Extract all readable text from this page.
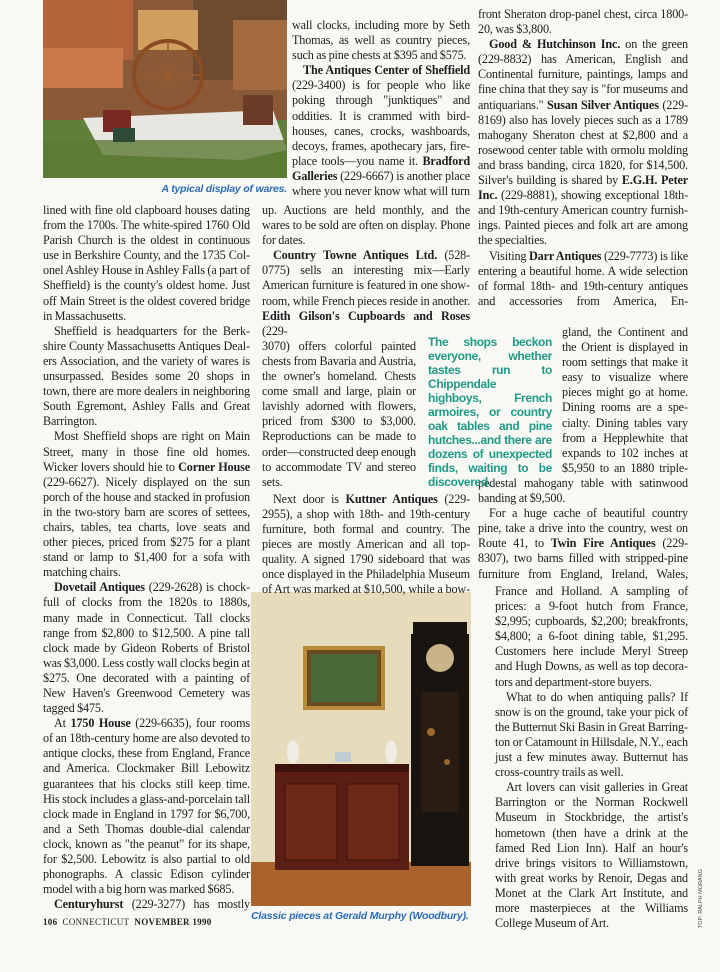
A typical display of wares.
Classic pieces at Gerald Murphy (Woodbury).

lined with fine old clapboard houses dating from the 1700s. The white-spired 1760 Old Parish Church is the oldest in continuous use in Berkshire County, and the 1735 Colonel Ashley House in Ashley Falls (a part of Sheffield) is the county's oldest home. Just off Main Street is the oldest covered bridge in Massachusetts.

Sheffield is headquarters for the Berkshire County Massachusetts Antiques Dealers Association, and the variety of wares is unsurpassed. Besides some 20 shops in town, there are more dealers in neighboring South Egremont, Ashley Falls and Great Barrington.

Most Sheffield shops are right on Main Street, many in those fine old homes. Wicker lovers should hie to Corner House (229-6627). Nicely displayed on the sun porch of the house and stacked in profusion in the two-story barn are scores of settees, chairs, tables, tea charts, love seats and other pieces, priced from $275 for a plant stand or lamp to $1,400 for a sofa with matching chairs.

Dovetail Antiques (229-2628) is chock-full of clocks from the 1820s to 1880s, many made in Connecticut. Tall clocks range from $2,800 to $12,500. A pine tall clock made by Gideon Roberts of Bristol was $3,000. Less costly wall clocks begin at $275. One decorated with a painting of New Haven's Greenwood Cemetery was tagged $475.

At 1750 House (229-6635), four rooms of an 18th-century home are also devoted to antique clocks, these from England, France and America. Clockmaker Bill Lebowitz guarantees that his clocks still keep time. His stock includes a glass-and-porcelain tall clock made in England in 1797 for $6,700, and a Seth Thomas double-dial calendar clock, known as "the peanut" for its shape, for $2,500. Lebowitz is also partial to old phonographs. A classic Edison cylinder model with a big horn was marked $685.

Centuryhurst (229-3277) has mostly

106 CONNECTICUT NOVEMBER 1990

wall clocks, including more by Seth Thomas, as well as country pieces, such as pine chests at $395 and $575.

The Antiques Center of Sheffield (229-3400) is for people who like poking through "junktiques" and oddities. It is crammed with birdhouses, canes, crocks, washboards, decoys, frames, apothecary jars, fireplace tools—you name it. Bradford Galleries (229-6667) is another place where you never know what will turn

up. Auctions are held monthly, and the wares to be sold are often on display. Phone for dates.

Country Towne Antiques Ltd. (528-0775) sells an interesting mix—Early American furniture is featured in one showroom, while French pieces reside in another. Edith Gilson's Cupboards and Roses (229-

3070) offers colorful painted chests from Bavaria and Austria, the owner's homeland. Chests come small and large, plain or lavishly adorned with flowers, priced from $300 to $3,000. Reproductions can be made to order—constructed deep enough to accommodate TV and stereo sets.

Next door is Kuttner Antiques (229-2955), a shop with 18th- and 19th-century furniture, both formal and country. The pieces are mostly American and all top-quality. A signed 1790 sideboard that was once displayed in the Philadelphia Museum of Art was marked at $10,500, while a bow-

front Sheraton drop-panel chest, circa 1800-20, was $3,800.

Good & Hutchinson Inc. on the green (229-8832) has American, English and Continental furniture, paintings, lamps and fine china that they say is "for museums and antiquarians." Susan Silver Antiques (229-8169) also has lovely pieces such as a 1789 mahogany Sheraton chest at $2,800 and a rosewood center table with ormolu molding and brass banding, circa 1820, for $14,500. Silver's building is shared by E.G.H. Peter Inc. (229-8881), showing exceptional 18th- and 19th-century American country furnishings. Painted pieces and folk art are among the specialties.

Visiting Darr Antiques (229-7773) is like entering a beautiful home. A wide selection of formal 18th- and 19th-century antiques and accessories from America, En-

gland, the Continent and the Orient is displayed in room settings that make it easy to visualize where pieces might go at home. Dining rooms are a specialty. Dining tables vary from a Hepplewhite that expands to 102 inches at $5,950 to an 1880 triple-

pedestal mahogany table with satinwood banding at $9,500.

For a huge cache of beautiful country pine, take a drive into the country, west on Route 41, to Twin Fire Antiques (229-8307), two barns filled with stripped-pine furniture from England, Ireland, Wales,

France and Holland. A sampling of prices: a 9-foot hutch from France, $2,995; cupboards, $2,200; breakfronts, $4,800; a 6-foot dining table, $1,295. Customers here include Meryl Streep and Hugh Downs, as well as top decorators and department-store buyers.

What to do when antiquing palls? If snow is on the ground, take your pick of the Butternut Ski Basin in Great Barrington or Catamount in Hillsdale, N.Y., each just a few minutes away. Butternut has cross-country trails as well.

Art lovers can visit galleries in Great Barrington or the Norman Rockwell Museum in Stockbridge, the artist's hometown (then have a drink at the famed Red Lion Inn). Half an hour's drive brings visitors to Williamstown, with great works by Renoir, Degas and Monet at the Clark Art Institute, and more masterpieces at the Williams College Museum of Art.

The shops beckon everyone, whether tastes run to Chippendale highboys, French armoires, or country oak tables and pine hutches...and there are dozens of unexpected finds, waiting to be discovered.
TOP: RALPH MORANG
